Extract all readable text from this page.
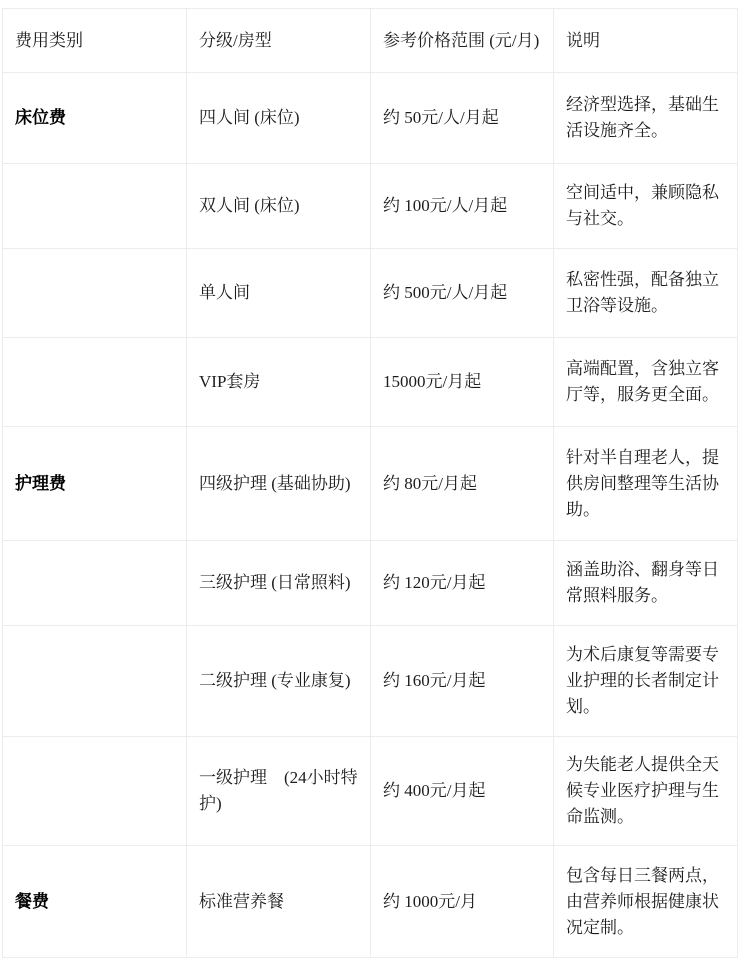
费用类别	分级/房型	参考价格范围 (元/月)	说明
床位费	四人间 (床位)	约 50元/人/月起	经济型选择，基础生活设施齐全。
	双人间 (床位)	约 100元/人/月起	空间适中，兼顾隐私与社交。
	单人间	约 500元/人/月起	私密性强，配备独立卫浴等设施。
	VIP套房	15000元/月起	高端配置，含独立客厅等，服务更全面。
护理费	四级护理 (基础协助)	约 80元/月起	针对半自理老人，提供房间整理等生活协助。
	三级护理 (日常照料)	约 120元/月起	涵盖助浴、翻身等日常照料服务。
	二级护理 (专业康复)	约 160元/月起	为术后康复等需要专业护理的长者制定计划。
	一级护理　(24小时特护)	约 400元/月起	为失能老人提供全天候专业医疗护理与生命监测。
餐费	标准营养餐	约 1000元/月	包含每日三餐两点，由营养师根据健康状况定制。
